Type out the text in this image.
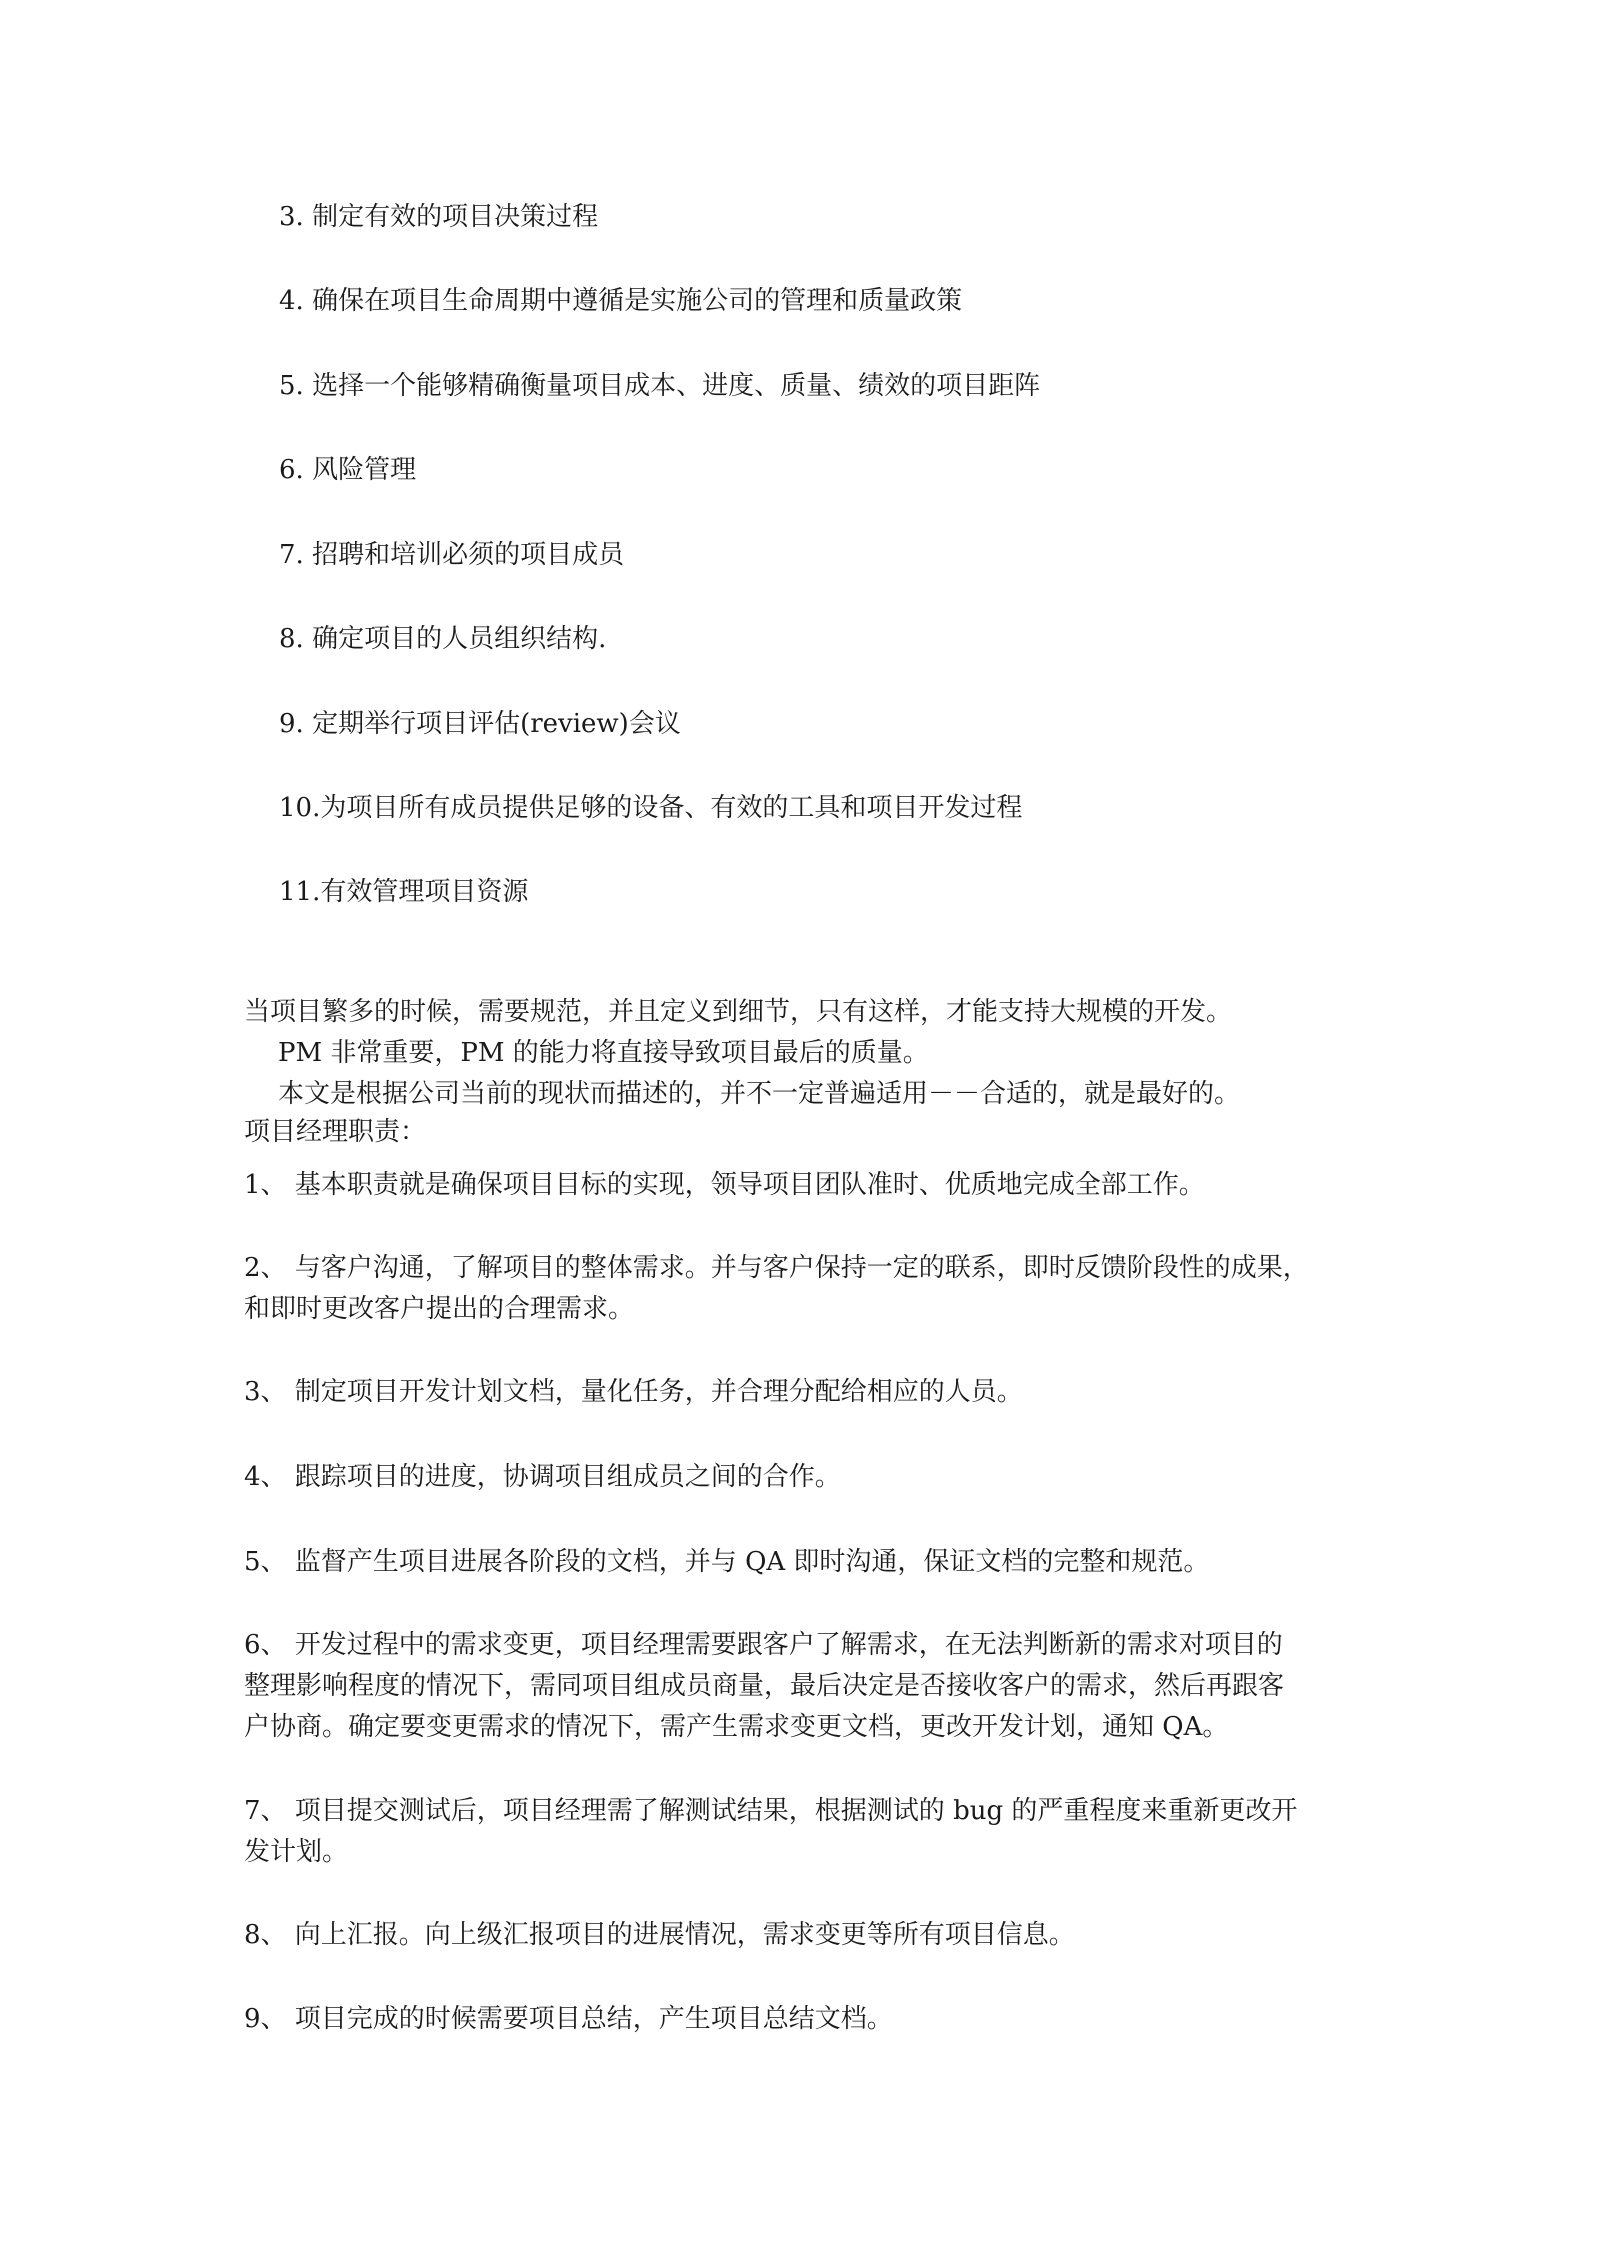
3. 制定有效的项目决策过程
4. 确保在项目生命周期中遵循是实施公司的管理和质量政策
5. 选择一个能够精确衡量项目成本、进度、质量、绩效的项目距阵
6. 风险管理
7. 招聘和培训必须的项目成员
8. 确定项目的人员组织结构.
9. 定期举行项目评估(review)会议
10.为项目所有成员提供足够的设备、有效的工具和项目开发过程
11.有效管理项目资源
当项目繁多的时候，需要规范，并且定义到细节，只有这样，才能支持大规模的开发。
PM 非常重要，PM 的能力将直接导致项目最后的质量。
本文是根据公司当前的现状而描述的，并不一定普遍适用－－合适的，就是最好的。
项目经理职责：
1、 基本职责就是确保项目目标的实现，领导项目团队准时、优质地完成全部工作。
2、 与客户沟通，了解项目的整体需求。并与客户保持一定的联系，即时反馈阶段性的成果，
和即时更改客户提出的合理需求。
3、 制定项目开发计划文档，量化任务，并合理分配给相应的人员。
4、 跟踪项目的进度，协调项目组成员之间的合作。
5、 监督产生项目进展各阶段的文档，并与 QA 即时沟通，保证文档的完整和规范。
6、 开发过程中的需求变更，项目经理需要跟客户了解需求，在无法判断新的需求对项目的
整理影响程度的情况下，需同项目组成员商量，最后决定是否接收客户的需求，然后再跟客
户协商。确定要变更需求的情况下，需产生需求变更文档，更改开发计划，通知 QA。
7、 项目提交测试后，项目经理需了解测试结果，根据测试的 bug 的严重程度来重新更改开
发计划。
8、 向上汇报。向上级汇报项目的进展情况，需求变更等所有项目信息。
9、 项目完成的时候需要项目总结，产生项目总结文档。
